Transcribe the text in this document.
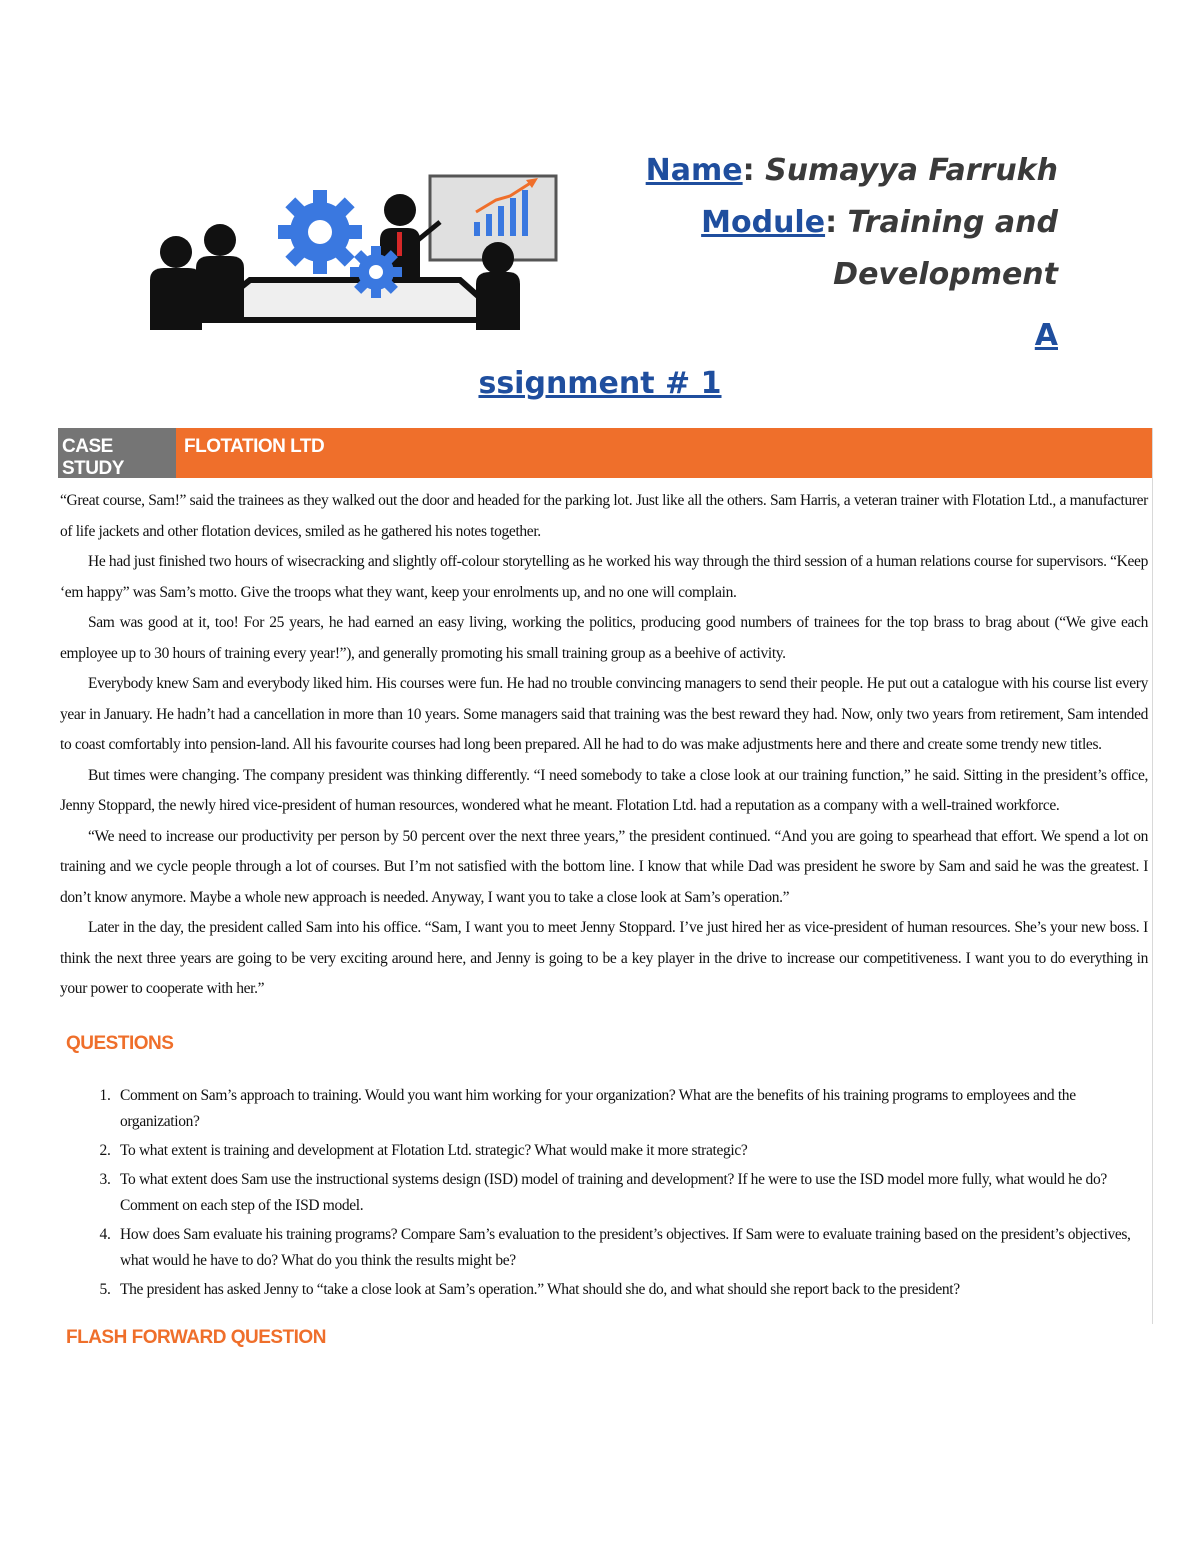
Name: Sumayya Farrukh
Module: Training and
Development
A
ssignment # 1
CASE STUDY
FLOTATION LTD

“Great course, Sam!” said the trainees as they walked out the door and headed for the parking lot. Just like all the others. Sam Harris, a veteran trainer with Flotation Ltd., a manufacturer of life jackets and other flotation devices, smiled as he gathered his notes together.

He had just finished two hours of wisecracking and slightly off-colour storytelling as he worked his way through the third session of a human relations course for supervisors. “Keep ‘em happy” was Sam’s motto. Give the troops what they want, keep your enrolments up, and no one will complain.

Sam was good at it, too! For 25 years, he had earned an easy living, working the politics, producing good numbers of trainees for the top brass to brag about (“We give each employee up to 30 hours of training every year!”), and generally promoting his small training group as a beehive of activity.

Everybody knew Sam and everybody liked him. His courses were fun. He had no trouble convincing managers to send their people. He put out a catalogue with his course list every year in January. He hadn’t had a cancellation in more than 10 years. Some managers said that training was the best reward they had. Now, only two years from retirement, Sam intended to coast comfortably into pension-land. All his favourite courses had long been prepared. All he had to do was make adjustments here and there and create some trendy new titles.

But times were changing. The company president was thinking differently. “I need somebody to take a close look at our training function,” he said. Sitting in the president’s office, Jenny Stoppard, the newly hired vice-president of human resources, wondered what he meant. Flotation Ltd. had a reputation as a company with a well-trained workforce.

“We need to increase our productivity per person by 50 percent over the next three years,” the president continued. “And you are going to spearhead that effort. We spend a lot on training and we cycle people through a lot of courses. But I’m not satisfied with the bottom line. I know that while Dad was president he swore by Sam and said he was the greatest. I don’t know anymore. Maybe a whole new approach is needed. Anyway, I want you to take a close look at Sam’s operation.”

Later in the day, the president called Sam into his office. “Sam, I want you to meet Jenny Stoppard. I’ve just hired her as vice-president of human resources. She’s your new boss. I think the next three years are going to be very exciting around here, and Jenny is going to be a key player in the drive to increase our competitiveness. I want you to do everything in your power to cooperate with her.”

QUESTIONS
1. Comment on Sam’s approach to training. Would you want him working for your organization? What are the benefits of his training programs to employees and the organization?
2. To what extent is training and development at Flotation Ltd. strategic? What would make it more strategic?
3. To what extent does Sam use the instructional systems design (ISD) model of training and development? If he were to use the ISD model more fully, what would he do? Comment on each step of the ISD model.
4. How does Sam evaluate his training programs? Compare Sam’s evaluation to the president’s objectives. If Sam were to evaluate training based on the president’s objectives, what would he have to do? What do you think the results might be?
5. The president has asked Jenny to “take a close look at Sam’s operation.” What should she do, and what should she report back to the president?
FLASH FORWARD QUESTION
